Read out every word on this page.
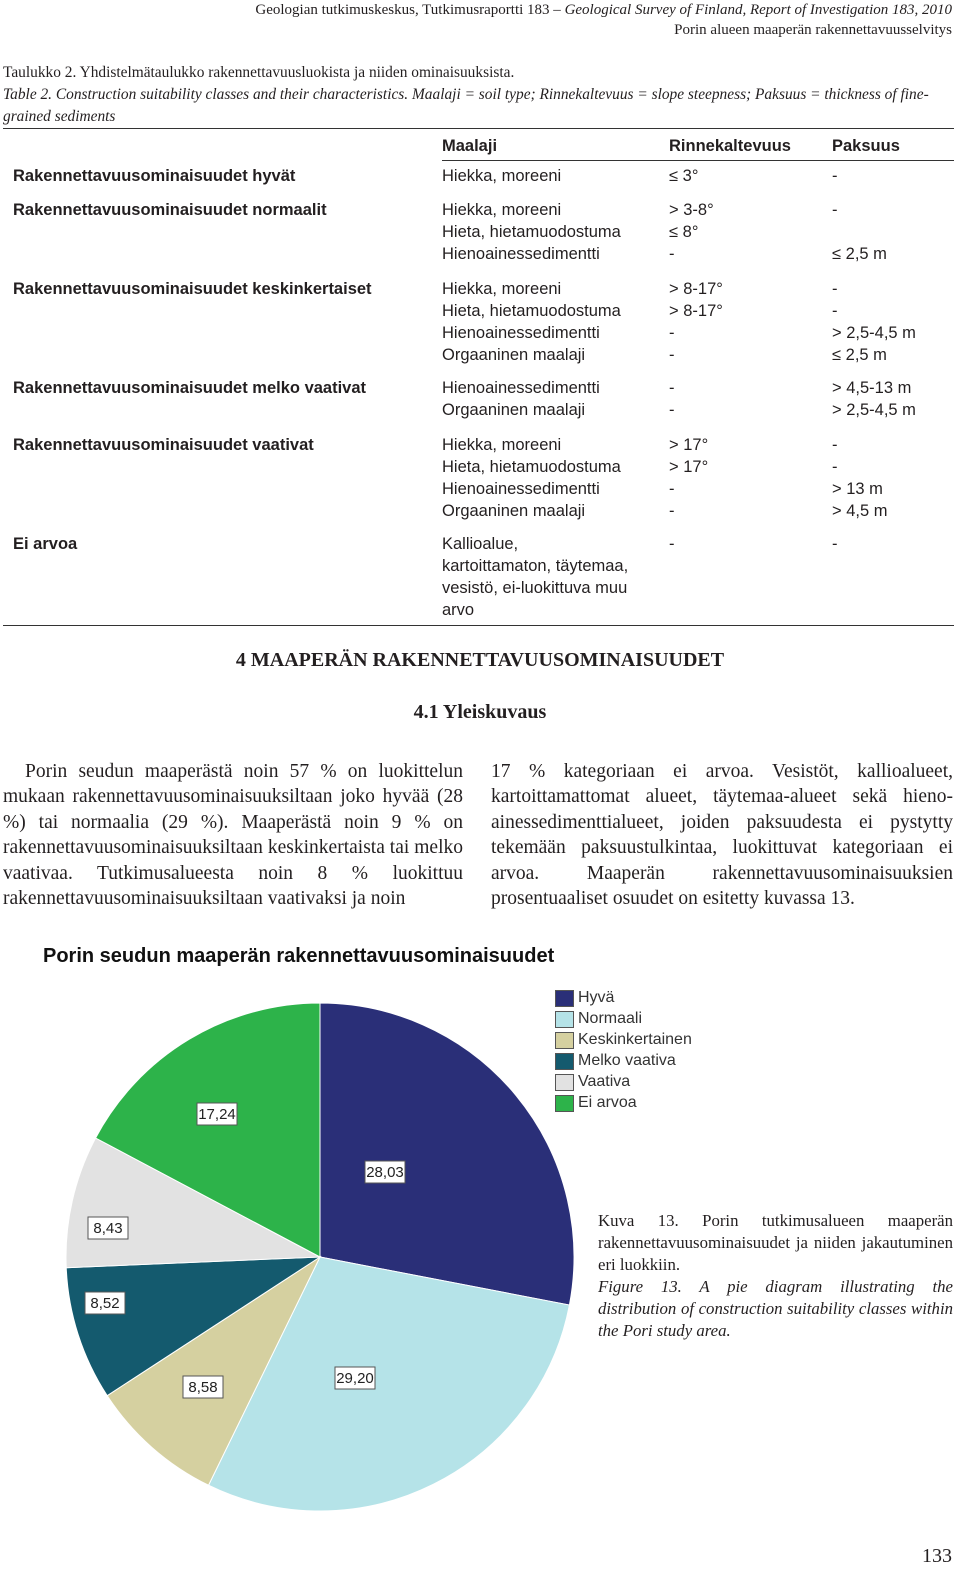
Geologian tutkimuskeskus, Tutkimusraportti 183 – Geological Survey of Finland, Report of Investigation 183, 2010
Porin alueen maaperän rakennettavuusselvitys
Taulukko 2. Yhdistelmätaulukko rakennettavuusluokista ja niiden ominaisuuksista.
Table 2. Construction suitability classes and their characteristics. Maalaji = soil type; Rinnekaltevuus = slope steepness; Paksuus = thickness of fine-grained sediments
Maalaji	Rinnekaltevuus	Paksuus
Rakennettavuusominaisuudet hyvät	Hiekka, moreeni	≤ 3°	-
Rakennettavuusominaisuudet normaalit	Hiekka, moreeni	> 3-8°	-
Hieta, hietamuodostuma	≤ 8°
Hienoainessedimentti	-	≤ 2,5 m
Rakennettavuusominaisuudet keskinkertaiset	Hiekka, moreeni	> 8-17°	-
Hieta, hietamuodostuma	> 8-17°	-
Hienoainessedimentti	-	> 2,5-4,5 m
Orgaaninen maalaji	-	≤ 2,5 m
Rakennettavuusominaisuudet melko vaativat	Hienoainessedimentti	-	> 4,5-13 m
Orgaaninen maalaji	-	> 2,5-4,5 m
Rakennettavuusominaisuudet vaativat	Hiekka, moreeni	> 17°	-
Hieta, hietamuodostuma	> 17°	-
Hienoainessedimentti	-	> 13 m
Orgaaninen maalaji	-	> 4,5 m
Ei arvoa	Kallioalue,
kartoittamaton, täytemaa,
vesistö, ei-luokittuva muu
arvo
-	-
4 MAAPERÄN RAKENNETTAVUUSOMINAISUUDET
4.1 Yleiskuvaus
Porin seudun maaperästä noin 57 % on luokittelun mukaan rakennettavuusominaisuuksiltaan joko hyvää (28 %) tai normaalia (29 %). Maaperästä noin 9 % on rakennettavuusominaisuuksiltaan keskinkertaista tai melko vaativaa. Tutkimusalueesta noin 8 % luokittuu rakennettavuusominaisuuksiltaan vaativaksi ja noin
17 % kategoriaan ei arvoa. Vesistöt, kallioalueet, kartoittamattomat alueet, täytemaa-alueet sekä hieno-ainessedimenttialueet, joiden paksuudesta ei pystytty tekemään paksuustulkintaa, luokittuvat kategoriaan ei arvoa. Maaperän rakennettavuusominaisuuksien prosentuaaliset osuudet on esitetty kuvassa 13.
28,03
29,20
8,58
8,52
8,43
17,24
Porin seudun maaperän rakennettavuusominaisuudet
Hyvä
Normaali
Keskinkertainen
Melko vaativa
Vaativa
Ei arvoa
Kuva 13. Porin tutkimusalueen maaperän rakennettavuusominaisuudet ja niiden jakautuminen eri luokkiin.
Figure 13. A pie diagram illustrating the distribution of construction suitability classes within the Pori study area.
133
